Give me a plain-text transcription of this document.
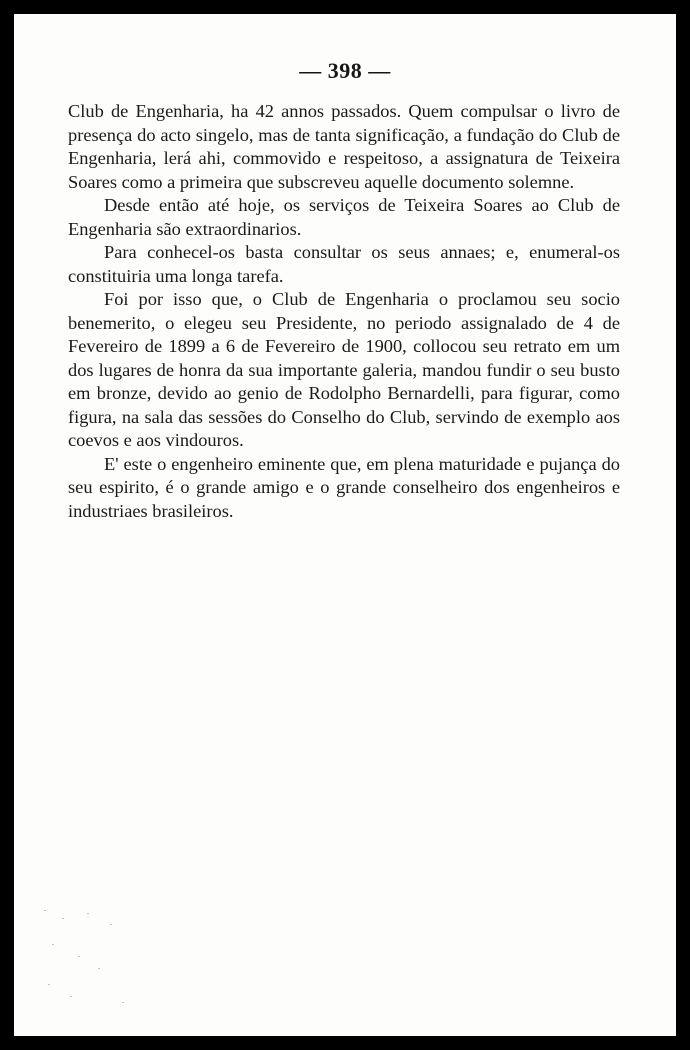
— 398 —

Club de Engenharia, ha 42 annos passados. Quem compulsar o livro de presença do acto singelo, mas de tanta significação, a fundação do Club de Engenharia, lerá ahi, commovido e respeitoso, a assignatura de Teixeira Soares como a primeira que subscreveu aquelle documento solemne.

Desde então até hoje, os serviços de Teixeira Soares ao Club de Engenharia são extraordinarios.

Para conhecel-os basta consultar os seus annaes; e, enumeral-os constituiria uma longa tarefa.

Foi por isso que, o Club de Engenharia o proclamou seu socio benemerito, o elegeu seu Presidente, no periodo assignalado de 4 de Fevereiro de 1899 a 6 de Fevereiro de 1900, collocou seu retrato em um dos lugares de honra da sua importante galeria, mandou fundir o seu busto em bronze, devido ao genio de Rodolpho Bernardelli, para figurar, como figura, na sala das sessões do Conselho do Club, servindo de exemplo aos coevos e aos vindouros.

E' este o engenheiro eminente que, em plena maturidade e pujança do seu espirito, é o grande amigo e o grande conselheiro dos engenheiros e industriaes brasileiros.
